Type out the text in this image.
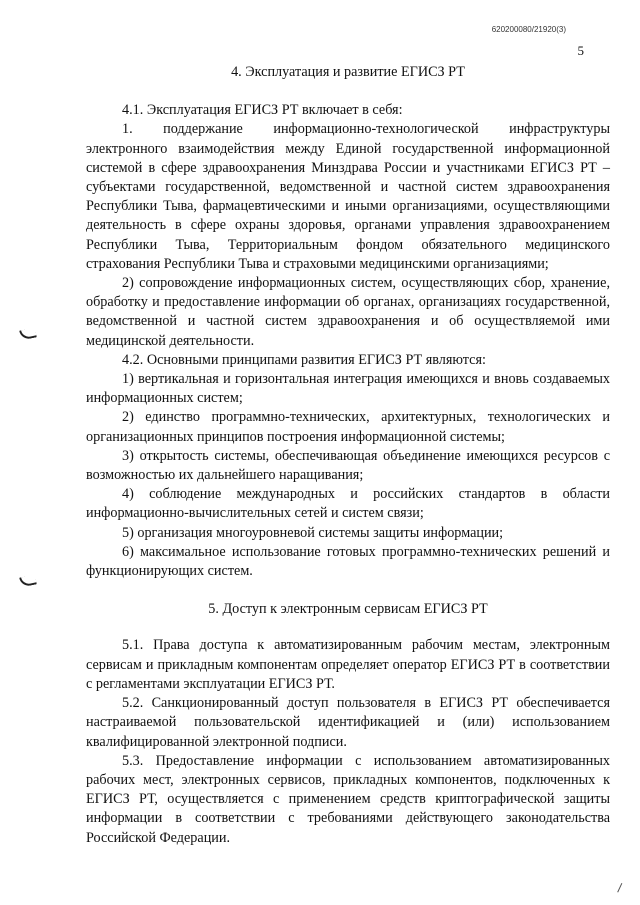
620200080/21920(3)
5

4. Эксплуатация и развитие ЕГИСЗ РТ

4.1. Эксплуатация ЕГИСЗ РТ включает в себя:

1. поддержание информационно-технологической инфраструктуры электронного взаимодействия между Единой государственной информационной системой в сфере здравоохранения Минздрава России и участниками ЕГИСЗ РТ – субъектами государственной, ведомственной и частной систем здравоохранения Республики Тыва, фармацевтическими и иными организациями, осуществляющими деятельность в сфере охраны здоровья, органами управления здравоохранением Республики Тыва, Территориальным фондом обязательного медицинского страхования Республики Тыва и страховыми медицинскими организациями;

2) сопровождение информационных систем, осуществляющих сбор, хранение, обработку и предоставление информации об органах, организациях государственной, ведомственной и частной систем здравоохранения и об осуществляемой ими медицинской деятельности.

4.2. Основными принципами развития ЕГИСЗ РТ являются:

1) вертикальная и горизонтальная интеграция имеющихся и вновь создаваемых информационных систем;

2) единство программно-технических, архитектурных, технологических и организационных принципов построения информационной системы;

3) открытость системы, обеспечивающая объединение имеющихся ресурсов с возможностью их дальнейшего наращивания;

4) соблюдение международных и российских стандартов в области информационно-вычислительных сетей и систем связи;

5) организация многоуровневой системы защиты информации;

6) максимальное использование готовых программно-технических решений и функционирующих систем.

5. Доступ к электронным сервисам ЕГИСЗ РТ

5.1. Права доступа к автоматизированным рабочим местам, электронным сервисам и прикладным компонентам определяет оператор ЕГИСЗ РТ в соответствии с регламентами эксплуатации ЕГИСЗ РТ.

5.2. Санкционированный доступ пользователя в ЕГИСЗ РТ обеспечивается настраиваемой пользовательской идентификацией и (или) использованием квалифицированной электронной подписи.

5.3. Предоставление информации с использованием автоматизированных рабочих мест, электронных сервисов, прикладных компонентов, подключенных к ЕГИСЗ РТ, осуществляется с применением средств криптографической защиты информации в соответствии с требованиями действующего законодательства Российской Федерации.
